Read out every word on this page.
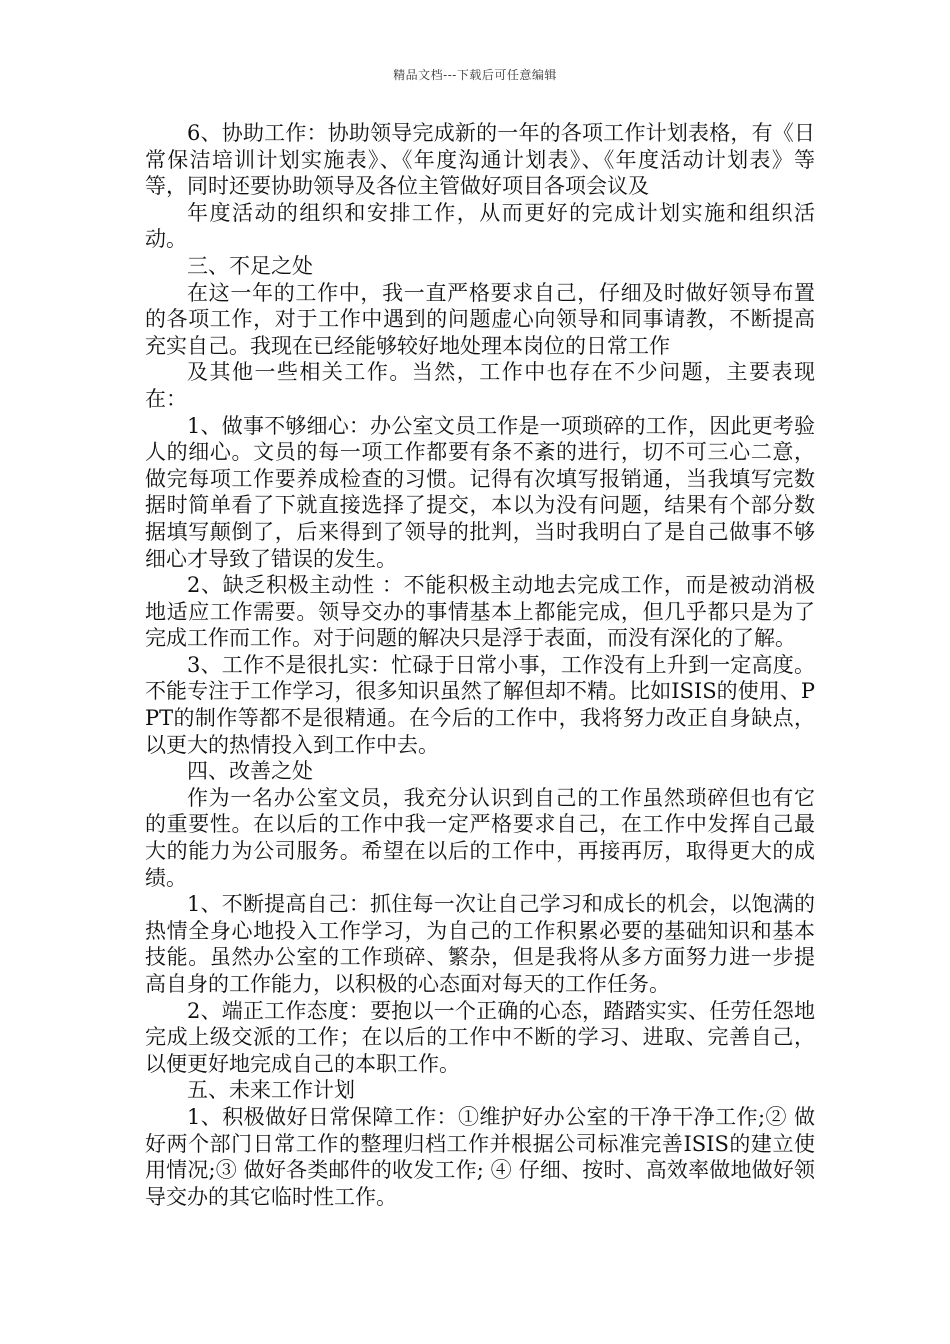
精品文档---下载后可任意编辑

6、协助工作：协助领导完成新的一年的各项工作计划表格，有《日常保洁培训计划实施表》、《年度沟通计划表》、《年度活动计划表》等等，同时还要协助领导及各位主管做好项目各项会议及

年度活动的组织和安排工作，从而更好的完成计划实施和组织活动。

三、不足之处

在这一年的工作中，我一直严格要求自己，仔细及时做好领导布置的各项工作，对于工作中遇到的问题虚心向领导和同事请教，不断提高充实自己。我现在已经能够较好地处理本岗位的日常工作

及其他一些相关工作。当然，工作中也存在不少问题，主要表现在：

1、做事不够细心：办公室文员工作是一项琐碎的工作，因此更考验人的细心。文员的每一项工作都要有条不紊的进行，切不可三心二意，做完每项工作要养成检查的习惯。记得有次填写报销通，当我填写完数据时简单看了下就直接选择了提交，本以为没有问题，结果有个部分数据填写颠倒了，后来得到了领导的批判，当时我明白了是自己做事不够细心才导致了错误的发生。

2、缺乏积极主动性 ：不能积极主动地去完成工作，而是被动消极地适应工作需要。领导交办的事情基本上都能完成，但几乎都只是为了完成工作而工作。对于问题的解决只是浮于表面，而没有深化的了解。

3、工作不是很扎实：忙碌于日常小事，工作没有上升到一定高度。不能专注于工作学习，很多知识虽然了解但却不精。比如ISIS的使用、PPT的制作等都不是很精通。在今后的工作中，我将努力改正自身缺点，以更大的热情投入到工作中去。

四、改善之处

作为一名办公室文员，我充分认识到自己的工作虽然琐碎但也有它的重要性。在以后的工作中我一定严格要求自己，在工作中发挥自己最大的能力为公司服务。希望在以后的工作中，再接再厉，取得更大的成绩。

1、不断提高自己：抓住每一次让自己学习和成长的机会，以饱满的热情全身心地投入工作学习，为自己的工作积累必要的基础知识和基本技能。虽然办公室的工作琐碎、繁杂，但是我将从多方面努力进一步提高自身的工作能力，以积极的心态面对每天的工作任务。

2、端正工作态度：要抱以一个正确的心态，踏踏实实、任劳任怨地完成上级交派的工作；在以后的工作中不断的学习、进取、完善自己，以便更好地完成自己的本职工作。

五、未来工作计划

1、积极做好日常保障工作：①维护好办公室的干净干净工作;② 做好两个部门日常工作的整理归档工作并根据公司标准完善ISIS的建立使用情况;③ 做好各类邮件的收发工作; ④ 仔细、按时、高效率做地做好领导交办的其它临时性工作。
